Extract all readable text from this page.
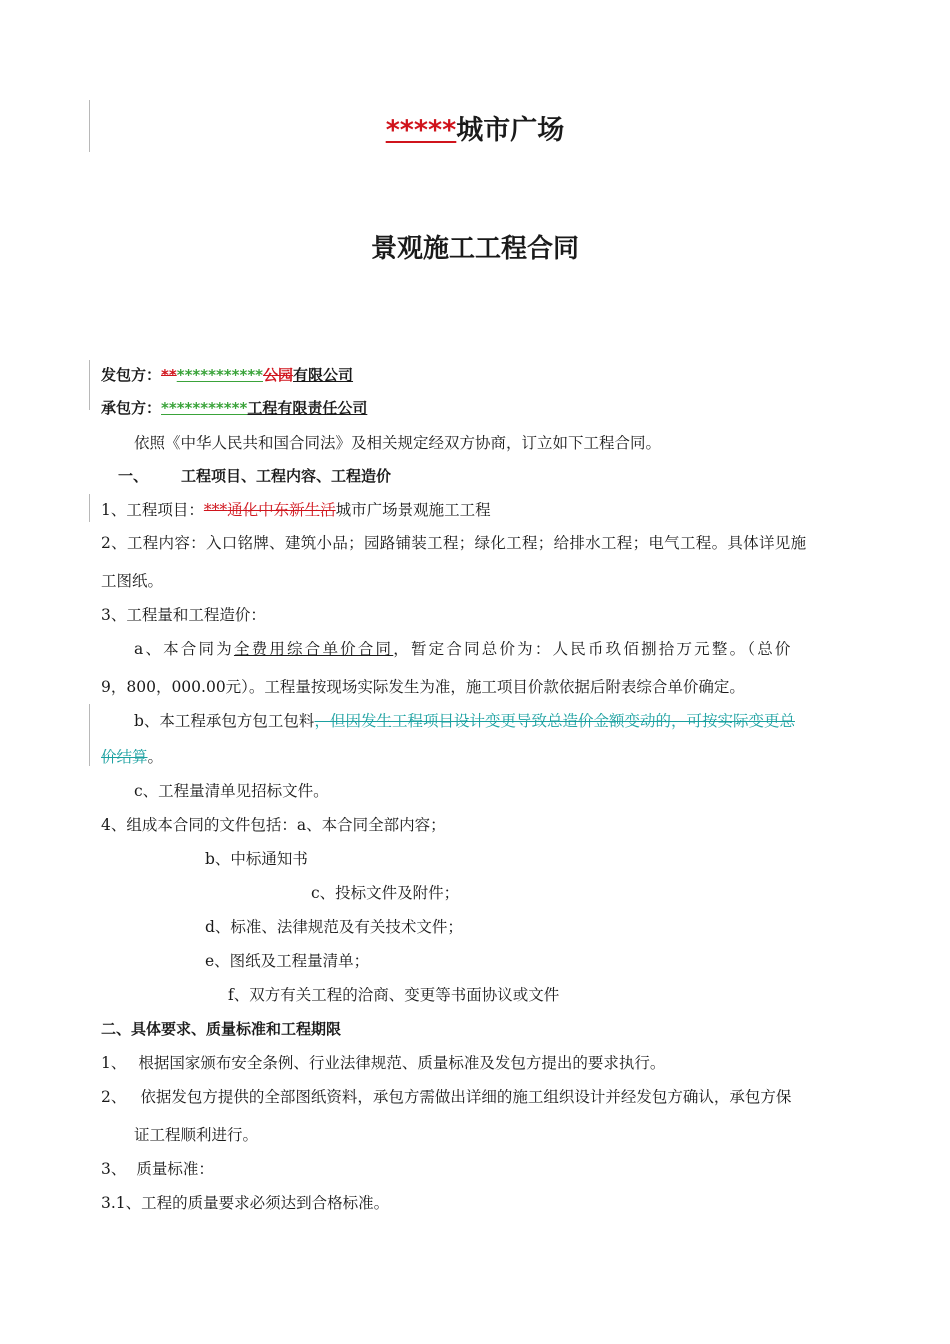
*****城市广场
景观施工工程合同
发包方：*************公园有限公司
承包方：***********工程有限责任公司
依照《中华人民共和国合同法》及相关规定经双方协商，订立如下工程合同。
一、 工程项目、工程内容、工程造价
1、工程项目：***通化中东新生活城市广场景观施工工程
2、工程内容：入口铭牌、建筑小品；园路铺装工程；绿化工程；给排水工程；电气工程。具体详见施
工图纸。
3、工程量和工程造价：
a、本合同为全费用综合单价合同，暂定合同总价为：人民币玖佰捌拾万元整。（总价
9，800，000.00元）。工程量按现场实际发生为准，施工项目价款依据后附表综合单价确定。
b、本工程承包方包工包料，但因发生工程项目设计变更导致总造价金额变动的，可按实际变更总
价结算。
c、工程量清单见招标文件。
4、组成本合同的文件包括：a、本合同全部内容；
b、中标通知书
c、投标文件及附件；
d、标准、法律规范及有关技术文件；
e、图纸及工程量清单；
f、双方有关工程的洽商、变更等书面协议或文件
二、具体要求、质量标准和工程期限
1、 根据国家颁布安全条例、行业法律规范、质量标准及发包方提出的要求执行。
2、 依据发包方提供的全部图纸资料，承包方需做出详细的施工组织设计并经发包方确认，承包方保
证工程顺利进行。
3、 质量标准：
3.1、工程的质量要求必须达到合格标准。
